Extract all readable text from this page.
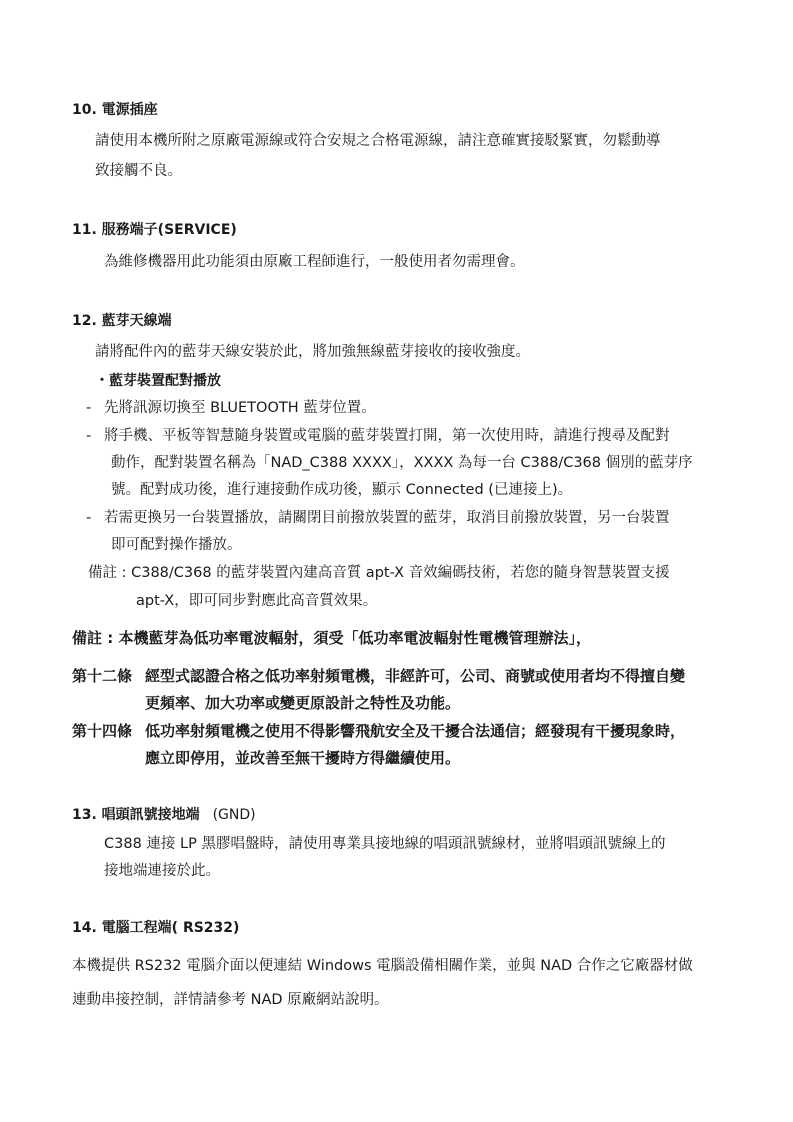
10. 電源插座
請使用本機所附之原廠電源線或符合安規之合格電源線，請注意確實接駁緊實，勿鬆動導
致接觸不良。
11. 服務端子(SERVICE)
為維修機器用此功能須由原廠工程師進行，一般使用者勿需理會。
12. 藍芽天線端
請將配件內的藍芽天線安裝於此，將加強無線藍芽接收的接收強度。
・藍芽裝置配對播放
- 先將訊源切換至 BLUETOOTH 藍芽位置。
- 將手機、平板等智慧隨身裝置或電腦的藍芽裝置打開，第一次使用時，請進行搜尋及配對
動作，配對裝置名稱為「NAD_C388 XXXX」，XXXX 為每一台 C388/C368 個別的藍芽序
號。配對成功後，進行連接動作成功後，顯示 Connected (已連接上)。
- 若需更換另一台裝置播放，請關閉目前撥放裝置的藍芽，取消目前撥放裝置，另一台裝置
即可配對操作播放。
備註 : C388/C368 的藍芽裝置內建高音質 apt-X 音效編碼技術，若您的隨身智慧裝置支援
apt-X，即可同步對應此高音質效果。
備註 : 本機藍芽為低功率電波輻射，須受「低功率電波輻射性電機管理辦法」，
第十二條 經型式認證合格之低功率射頻電機，非經許可，公司、商號或使用者均不得擅自變
更頻率、加大功率或變更原設計之特性及功能。
第十四條 低功率射頻電機之使用不得影響飛航安全及干擾合法通信；經發現有干擾現象時，
應立即停用，並改善至無干擾時方得繼續使用。
13. 唱頭訊號接地端 (GND)
C388 連接 LP 黑膠唱盤時，請使用專業具接地線的唱頭訊號線材，並將唱頭訊號線上的
接地端連接於此。
14. 電腦工程端( RS232)
本機提供 RS232 電腦介面以便連結 Windows 電腦設備相關作業，並與 NAD 合作之它廠器材做
連動串接控制，詳情請參考 NAD 原廠網站說明。
